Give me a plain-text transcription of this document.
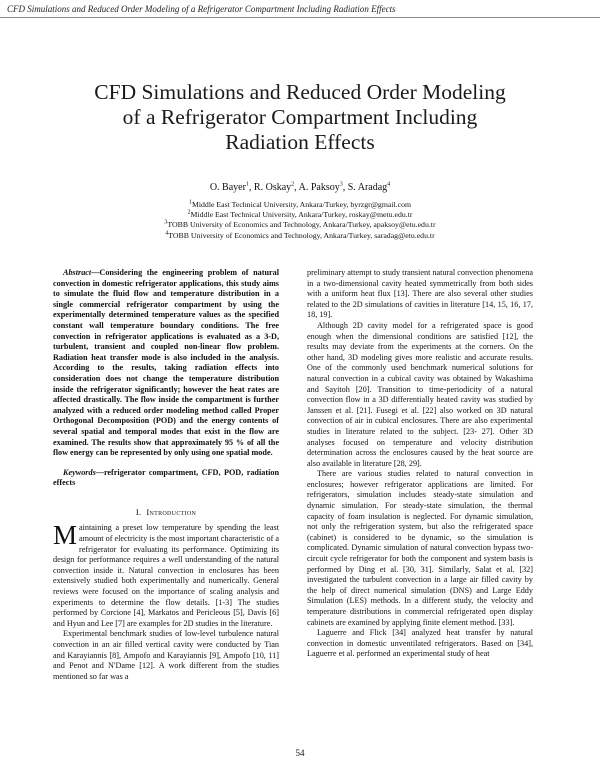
CFD Simulations and Reduced Order Modeling of a Refrigerator Compartment Including Radiation Effects
CFD Simulations and Reduced Order Modeling
of a Refrigerator Compartment Including
Radiation Effects
O. Bayer$^1$, R. Oskay$^2$, A. Paksoy$^3$, S. Aradag$^4$
$^1$Middle East Technical University, Ankara/Turkey, byrzgr@gmail.com
$^2$Middle East Technical University, Ankara/Turkey, roskay@metu.edu.tr
$^3$TOBB University of Economics and Technology, Ankara/Turkey, apaksoy@etu.edu.tr
$^4$TOBB University of Economics and Technology, Ankara/Turkey, saradag@etu.edu.tr

Abstract—Considering the engineering problem of natural convection in domestic refrigerator applications, this study aims to simulate the fluid flow and temperature distribution in a single commercial refrigerator compartment by using the experimentally determined temperature values as the specified constant wall temperature boundary conditions. The free convection in refrigerator applications is evaluated as a 3-D, turbulent, transient and coupled non-linear flow problem. Radiation heat transfer mode is also included in the analysis. According to the results, taking radiation effects into consideration does not change the temperature distribution inside the refrigerator significantly; however the heat rates are affected drastically. The flow inside the compartment is further analyzed with a reduced order modeling method called Proper Orthogonal Decomposition (POD) and the energy contents of several spatial and temporal modes that exist in the flow are examined. The results show that approximately 95 % of all the flow energy can be represented by only using one spatial mode.

Keywords—refrigerator compartment, CFD, POD, radiation effects

I. Introduction

Maintaining a preset low temperature by spending the least amount of electricity is the most important characteristic of a refrigerator for evaluating its performance. Optimizing its design for performance requires a well understanding of the natural convection inside it. Natural convection in enclosures has been extensively studied both experimentally and numerically. General reviews were focused on the importance of scaling analysis and experiments to determine the flow details. [1-3] The studies performed by Corcione [4], Markatos and Pericleous [5], Davis [6] and Hyun and Lee [7] are examples for 2D studies in the literature.

Experimental benchmark studies of low-level turbulence natural convection in an air filled vertical cavity were conducted by Tian and Karayiannis [8], Ampofo and Karayiannis [9], Ampofo [10, 11] and Penot and N'Dame [12]. A work different from the studies mentioned so far was a

preliminary attempt to study transient natural convection phenomena in a two-dimensional cavity heated symmetrically from both sides with a uniform heat flux [13]. There are also several other studies related to the 2D simulations of cavities in literature [14, 15, 16, 17, 18, 19].

Although 2D cavity model for a refrigerated space is good enough when the dimensional conditions are satisfied [12], the results may deviate from the experiments at the corners. On the other hand, 3D modeling gives more realistic and accurate results. One of the commonly used benchmark numerical solutions for natural convection in a cubical cavity was obtained by Wakashima and Sayitoh [20]. Transition to time-periodicity of a natural convection flow in a 3D differentially heated cavity was studied by Janssen et al. [21]. Fusegi et al. [22] also worked on 3D natural convection of air in cubical enclosures. There are also experimental studies in literature related to the subject. [23- 27]. Other 3D analyses focused on temperature and velocity distribution determination across the enclosures caused by the heat source are also available in literature [28, 29].

There are various studies related to natural convection in enclosures; however refrigerator applications are limited. For refrigerators, simulation includes steady-state simulation and dynamic simulation. For steady-state simulation, the thermal capacity of foam insulation is neglected. For dynamic simulation, not only the refrigeration system, but also the refrigerated space (cabinet) is considered to be dynamic, so the simulation is complicated. Dynamic simulation of natural convection bypass two-circuit cycle refrigerator for both the component and system basis is performed by Ding et al. [30, 31]. Similarly, Salat et al. [32] investigated the turbulent convection in a large air filled cavity by the help of direct numerical simulation (DNS) and Large Eddy Simulation (LES) methods. In a different study, the velocity and temperature distributions in commercial refrigerated open display cabinets are examined by applying finite element method. [33].

Laguerre and Flick [34] analyzed heat transfer by natural convection in domestic unventilated refrigerators. Based on [34], Laguerre et al. performed an experimental study of heat

54
